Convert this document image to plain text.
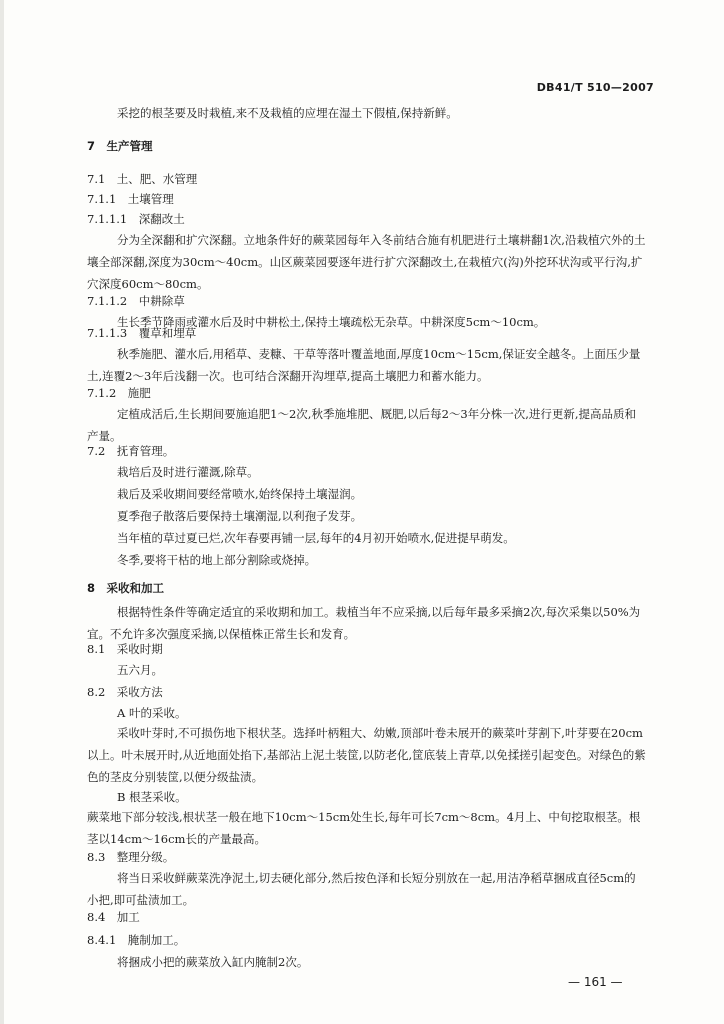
DB41/T 510—2007
采挖的根茎要及时栽植,来不及栽植的应埋在湿土下假植,保持新鲜。
7　生产管理
7.1　土、肥、水管理
7.1.1　土壤管理
7.1.1.1　深翻改土
分为全深翻和扩穴深翻。立地条件好的蕨菜园每年入冬前结合施有机肥进行土壤耕翻1次,沿栽植穴外的土壤全部深翻,深度为30cm～40cm。山区蕨菜园要逐年进行扩穴深翻改土,在栽植穴(沟)外挖环状沟或平行沟,扩穴深度60cm～80cm。
7.1.1.2　中耕除草
生长季节降雨或灌水后及时中耕松土,保持土壤疏松无杂草。中耕深度5cm～10cm。
7.1.1.3　覆草和埋草
秋季施肥、灌水后,用稻草、麦糠、干草等落叶覆盖地面,厚度10cm～15cm,保证安全越冬。上面压少量土,连覆2～3年后浅翻一次。也可结合深翻开沟埋草,提高土壤肥力和蓄水能力。
7.1.2　施肥
定植成活后,生长期间要施追肥1～2次,秋季施堆肥、厩肥,以后每2～3年分株一次,进行更新,提高品质和产量。
7.2　抚育管理。
栽培后及时进行灌溉,除草。
栽后及采收期间要经常喷水,始终保持土壤湿润。
夏季孢子散落后要保持土壤潮湿,以利孢子发芽。
当年植的草过夏已烂,次年春要再铺一层,每年的4月初开始喷水,促进提早萌发。
冬季,要将干枯的地上部分割除或烧掉。
8　采收和加工
根据特性条件等确定适宜的采收期和加工。栽植当年不应采摘,以后每年最多采摘2次,每次采集以50%为宜。不允许多次强度采摘,以保植株正常生长和发育。
8.1　采收时期
五六月。
8.2　采收方法
A 叶的采收。
采收叶芽时,不可损伤地下根状茎。选择叶柄粗大、幼嫩,顶部叶卷未展开的蕨菜叶芽割下,叶芽要在20cm以上。叶未展开时,从近地面处掐下,基部沾上泥土装筐,以防老化,筐底装上青草,以免揉搓引起变色。对绿色的紫色的茎皮分别装筐,以便分级盐渍。
B 根茎采收。
蕨菜地下部分较浅,根状茎一般在地下10cm～15cm处生长,每年可长7cm～8cm。4月上、中旬挖取根茎。根茎以14cm～16cm长的产量最高。
8.3　整理分级。
将当日采收鲜蕨菜洗净泥土,切去硬化部分,然后按色泽和长短分别放在一起,用洁净稻草捆成直径5cm的小把,即可盐渍加工。
8.4　加工
8.4.1　腌制加工。
将捆成小把的蕨菜放入缸内腌制2次。
— 161 —
